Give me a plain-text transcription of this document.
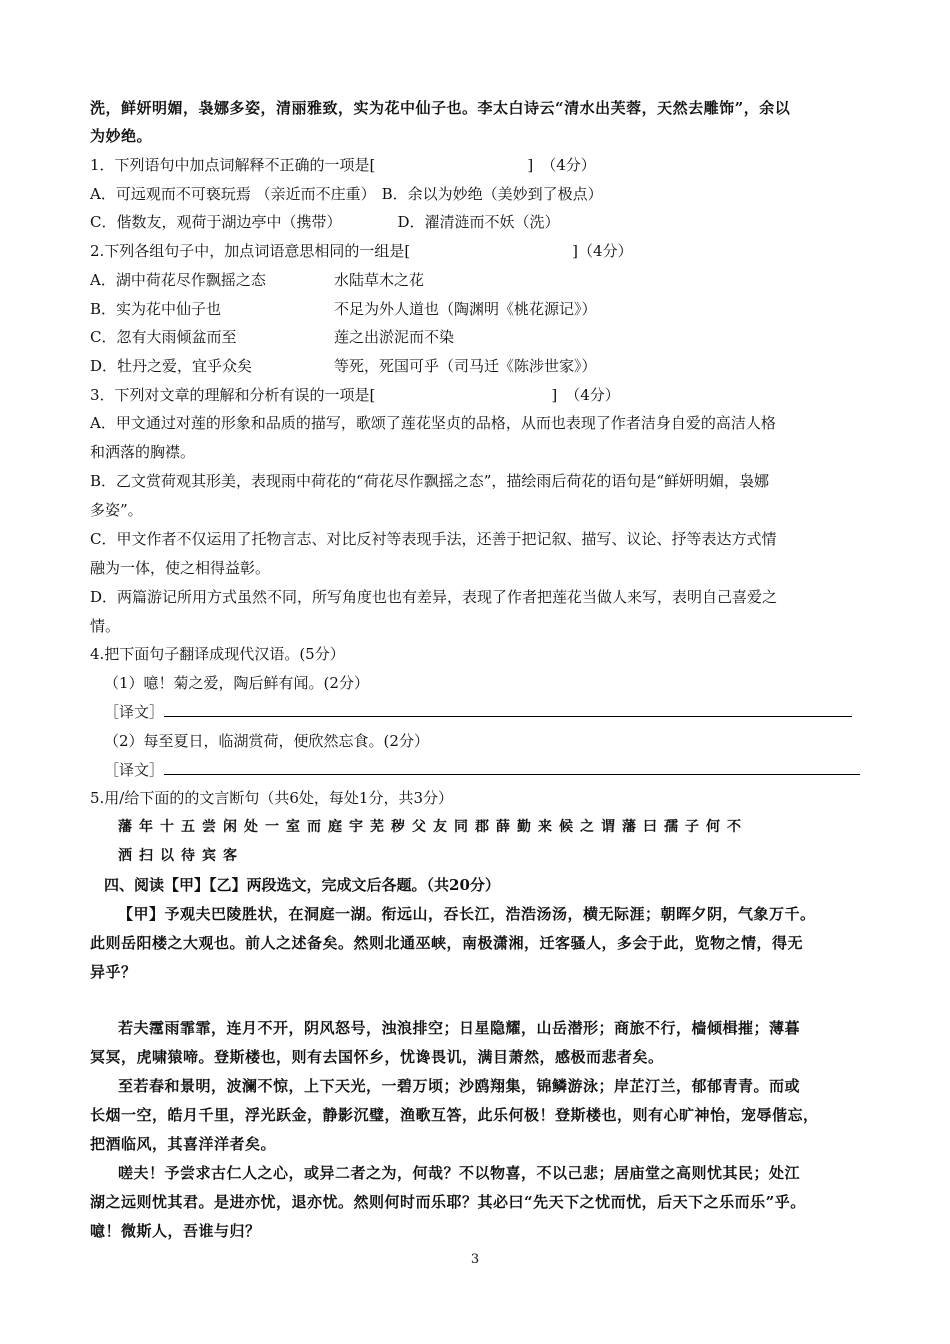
洗，鲜妍明媚，袅娜多姿，清丽雅致，实为花中仙子也。李太白诗云“清水出芙蓉，天然去雕饰”，余以
为妙绝。
1．下列语句中加点词解释不正确的一项是[	] （4分）
A．可远观而不可亵玩焉 （亲近而不庄重） B．余以为妙绝（美妙到了极点）
C．偕数友，观荷于湖边亭中（携带）	D．濯清涟而不妖（洗）
2.下列各组句子中，加点词语意思相同的一组是[	]（4分）
A．湖中荷花尽作飘摇之态	水陆草木之花
B．实为花中仙子也	不足为外人道也（陶渊明《桃花源记》）
C．忽有大雨倾盆而至	莲之出淤泥而不染
D．牡丹之爱，宜乎众矣	等死，死国可乎（司马迁《陈涉世家》）
3．下列对文章的理解和分析有误的一项是[	] （4分）
A．甲文通过对莲的形象和品质的描写，歌颂了莲花坚贞的品格，从而也表现了作者洁身自爱的高洁人格
和洒落的胸襟。
B．乙文赏荷观其形美，表现雨中荷花的“荷花尽作飘摇之态”，描绘雨后荷花的语句是“鲜妍明媚，袅娜
多姿”。
C．甲文作者不仅运用了托物言志、对比反衬等表现手法，还善于把记叙、描写、议论、抒等表达方式情
融为一体，使之相得益彰。
D．两篇游记所用方式虽然不同，所写角度也也有差异，表现了作者把莲花当做人来写，表明自己喜爱之
情。
4.把下面句子翻译成现代汉语。(5分）
（1）噫！菊之爱，陶后鲜有闻。(2分）
［译文］
（2）每至夏日，临湖赏荷，便欣然忘食。(2分）
［译文］
5.用/给下面的的文言断句（共6处，每处1分，共3分）
藩年十五尝闲处一室而庭宇芜秽父友同郡薛勤来候之谓藩曰孺子何不
洒扫以待宾客
四、阅读【甲】【乙】两段选文，完成文后各题。（共20分）
【甲】予观夫巴陵胜状，在洞庭一湖。衔远山，吞长江，浩浩汤汤，横无际涯；朝晖夕阴，气象万千。
此则岳阳楼之大观也。前人之述备矣。然则北通巫峡，南极潇湘，迁客骚人，多会于此，览物之情，得无
异乎？
若夫霪雨霏霏，连月不开，阴风怒号，浊浪排空；日星隐耀，山岳潜形；商旅不行，樯倾楫摧；薄暮
冥冥，虎啸猿啼。登斯楼也，则有去国怀乡，忧谗畏讥，满目萧然，感极而悲者矣。
至若春和景明，波澜不惊，上下天光，一碧万顷；沙鸥翔集，锦鳞游泳；岸芷汀兰，郁郁青青。而或
长烟一空，皓月千里，浮光跃金，静影沉璧，渔歌互答，此乐何极！登斯楼也，则有心旷神怡，宠辱偕忘，
把酒临风，其喜洋洋者矣。
嗟夫！予尝求古仁人之心，或异二者之为，何哉？不以物喜，不以己悲；居庙堂之高则忧其民；处江
湖之远则忧其君。是进亦忧，退亦忧。然则何时而乐耶？其必曰“先天下之忧而忧，后天下之乐而乐”乎。
噫！微斯人，吾谁与归？
3
